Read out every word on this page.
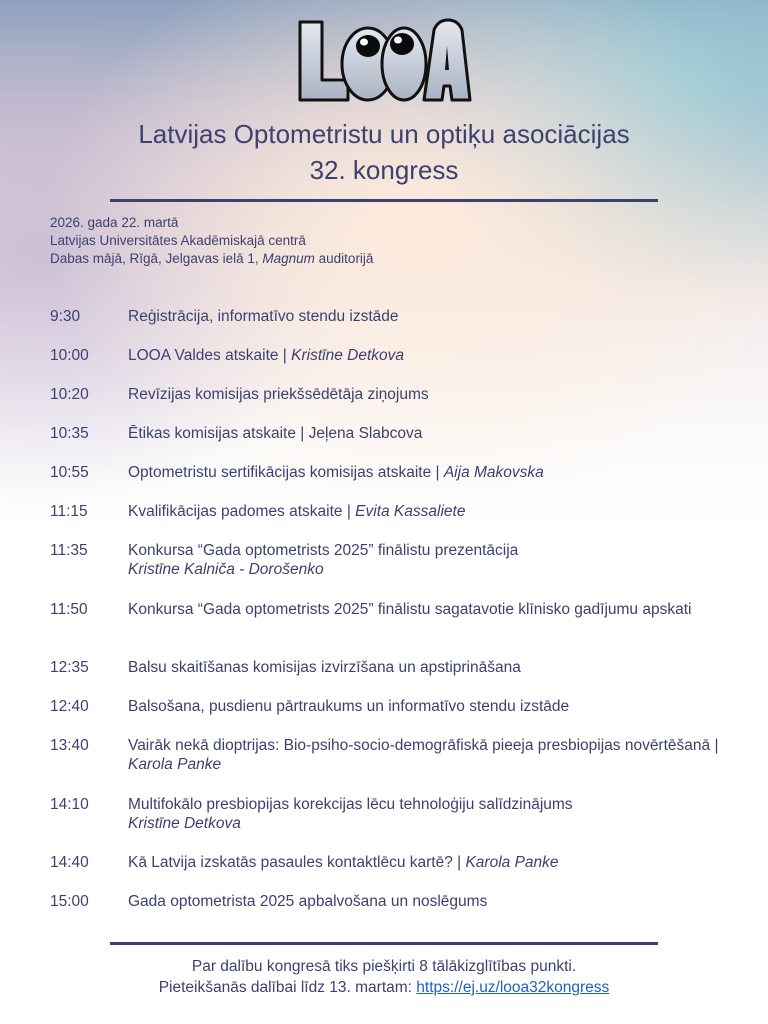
Latvijas Optometristu un optiķu asociācijas
32. kongress
2026. gada 22. martā
Latvijas Universitātes Akadēmiskajā centrā
Dabas mājā, Rīgā, Jelgavas ielā 1, Magnum auditorijā
9:30	Reģistrācija, informatīvo stendu izstāde
10:00	LOOA Valdes atskaite | Kristīne Detkova
10:20	Revīzijas komisijas priekšsēdētāja ziņojums
10:35	Ētikas komisijas atskaite | Jeļena Slabcova
10:55	Optometristu sertifikācijas komisijas atskaite | Aija Makovska
11:15	Kvalifikācijas padomes atskaite | Evita Kassaliete
11:35	Konkursa “Gada optometrists 2025” finālistu prezentācija
Kristīne Kalniča - Dorošenko
11:50	Konkursa “Gada optometrists 2025” finālistu sagatavotie klīnisko gadījumu apskati
12:35	Balsu skaitīšanas komisijas izvirzīšana un apstiprināšana
12:40	Balsošana, pusdienu pārtraukums un informatīvo stendu izstāde
13:40	Vairāk nekā dioptrijas: Bio-psiho-socio-demogrāfiskā pieeja presbiopijas novērtēšanā | Karola Panke
14:10	Multifokālo presbiopijas korekcijas lēcu tehnoloģiju salīdzinājums
Kristīne Detkova
14:40	Kā Latvija izskatās pasaules kontaktlēcu kartē? | Karola Panke
15:00	Gada optometrista 2025 apbalvošana un noslēgums
Par dalību kongresā tiks piešķirti 8 tālākizglītības punkti.
Pieteikšanās dalībai līdz 13. martam: https://ej.uz/looa32kongress
